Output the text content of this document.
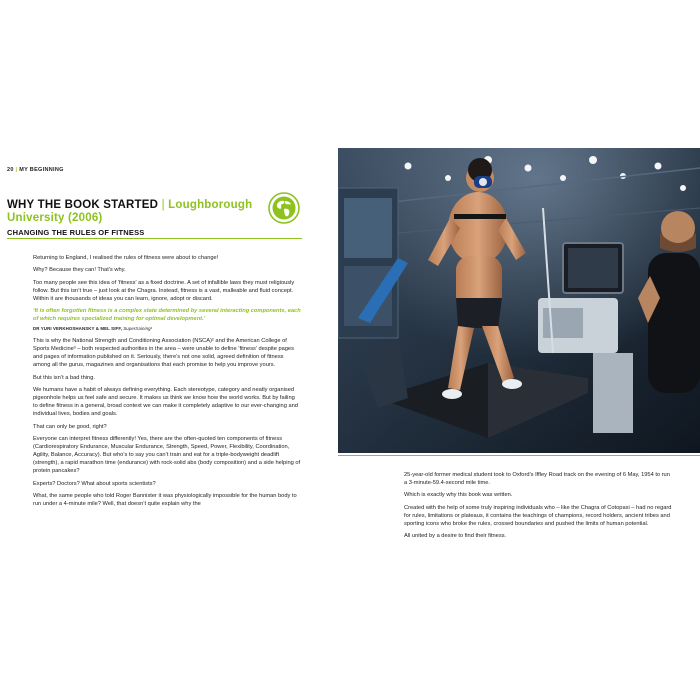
20 | MY BEGINNING
WHY THE BOOK STARTED | Loughborough University (2006)
CHANGING THE RULES OF FITNESS

Returning to England, I realised the rules of fitness were about to change!

Why? Because they can! That’s why.

Too many people see this idea of ‘fitness’ as a fixed doctrine. A set of infallible laws they must religiously follow. But this isn’t true – just look at the Chagra. Instead, fitness is a vast, malleable and fluid concept. Within it are thousands of ideas you can learn, ignore, adopt or discard.

‘It is often forgotten fitness is a complex state determined by several interacting components, each of which requires specialized training for optimal development.’

DR YURI VERKHOSHANSKY & MEL SIFF, Supertraining¹

This is why the National Strength and Conditioning Association (NSCA)² and the American College of Sports Medicine³ – both respected authorities in the area – were unable to define ‘fitness’ despite pages and pages of information published on it. Seriously, there’s not one solid, agreed definition of fitness among all the gurus, magazines and organisations that each promise to help you improve yours.

But this isn’t a bad thing.

We humans have a habit of always defining everything. Each stereotype, category and neatly organised pigeonhole helps us feel safe and secure. It makes us think we know how the world works. But by failing to define fitness in a general, broad context we can make it completely adaptive to our ever-changing and individual lives, bodies and goals.

That can only be good, right?

Everyone can interpret fitness differently! Yes, there are the often-quoted ten components of fitness (Cardiorespiratory Endurance, Muscular Endurance, Strength, Speed, Power, Flexibility, Coordination, Agility, Balance, Accuracy). But who’s to say you can’t train and eat for a triple-bodyweight deadlift (strength), a rapid marathon time (endurance) with rock-solid abs (body composition) and a side helping of protein pancakes?

Experts? Doctors? What about sports scientists?

What, the same people who told Roger Bannister it was physiologically impossible for the human body to run under a 4-minute mile? Well, that doesn’t quite explain why the

25-year-old former medical student took to Oxford’s Iffley Road track on the evening of 6 May, 1954 to run a 3-minute-59.4-second mile time.

Which is exactly why this book was written.

Created with the help of some truly inspiring individuals who – like the Chagra of Cotopaxi – had no regard for rules, limitations or plateaus, it contains the teachings of champions, record holders, ancient tribes and sporting icons who broke the rules, crossed boundaries and pushed the limits of human potential.

All united by a desire to find their fitness.
